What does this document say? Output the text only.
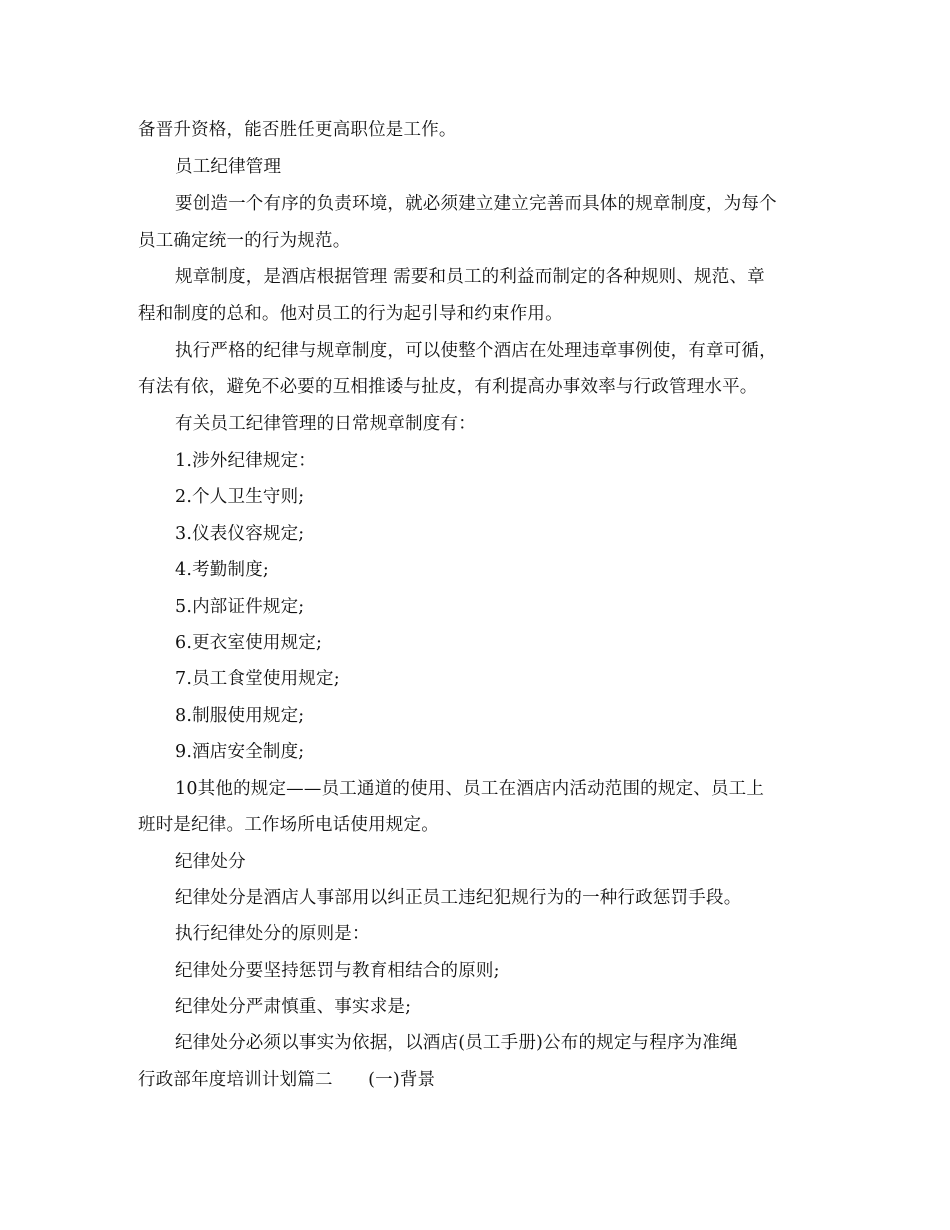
备晋升资格，能否胜任更高职位是工作。
员工纪律管理
要创造一个有序的负责环境，就必须建立建立完善而具体的规章制度，为每个
员工确定统一的行为规范。
规章制度，是酒店根据管理 需要和员工的利益而制定的各种规则、规范、章
程和制度的总和。他对员工的行为起引导和约束作用。
执行严格的纪律与规章制度，可以使整个酒店在处理违章事例使，有章可循，
有法有依，避免不必要的互相推诿与扯皮，有利提高办事效率与行政管理水平。
有关员工纪律管理的日常规章制度有：
1.涉外纪律规定：
2.个人卫生守则;
3.仪表仪容规定;
4.考勤制度;
5.内部证件规定;
6.更衣室使用规定;
7.员工食堂使用规定;
8.制服使用规定;
9.酒店安全制度;
10其他的规定——员工通道的使用、员工在酒店内活动范围的规定、员工上
班时是纪律。工作场所电话使用规定。
纪律处分
纪律处分是酒店人事部用以纠正员工违纪犯规行为的一种行政惩罚手段。
执行纪律处分的原则是：
纪律处分要坚持惩罚与教育相结合的原则;
纪律处分严肃慎重、事实求是;
纪律处分必须以事实为依据，以酒店(员工手册)公布的规定与程序为准绳
行政部年度培训计划篇二　　(一)背景
